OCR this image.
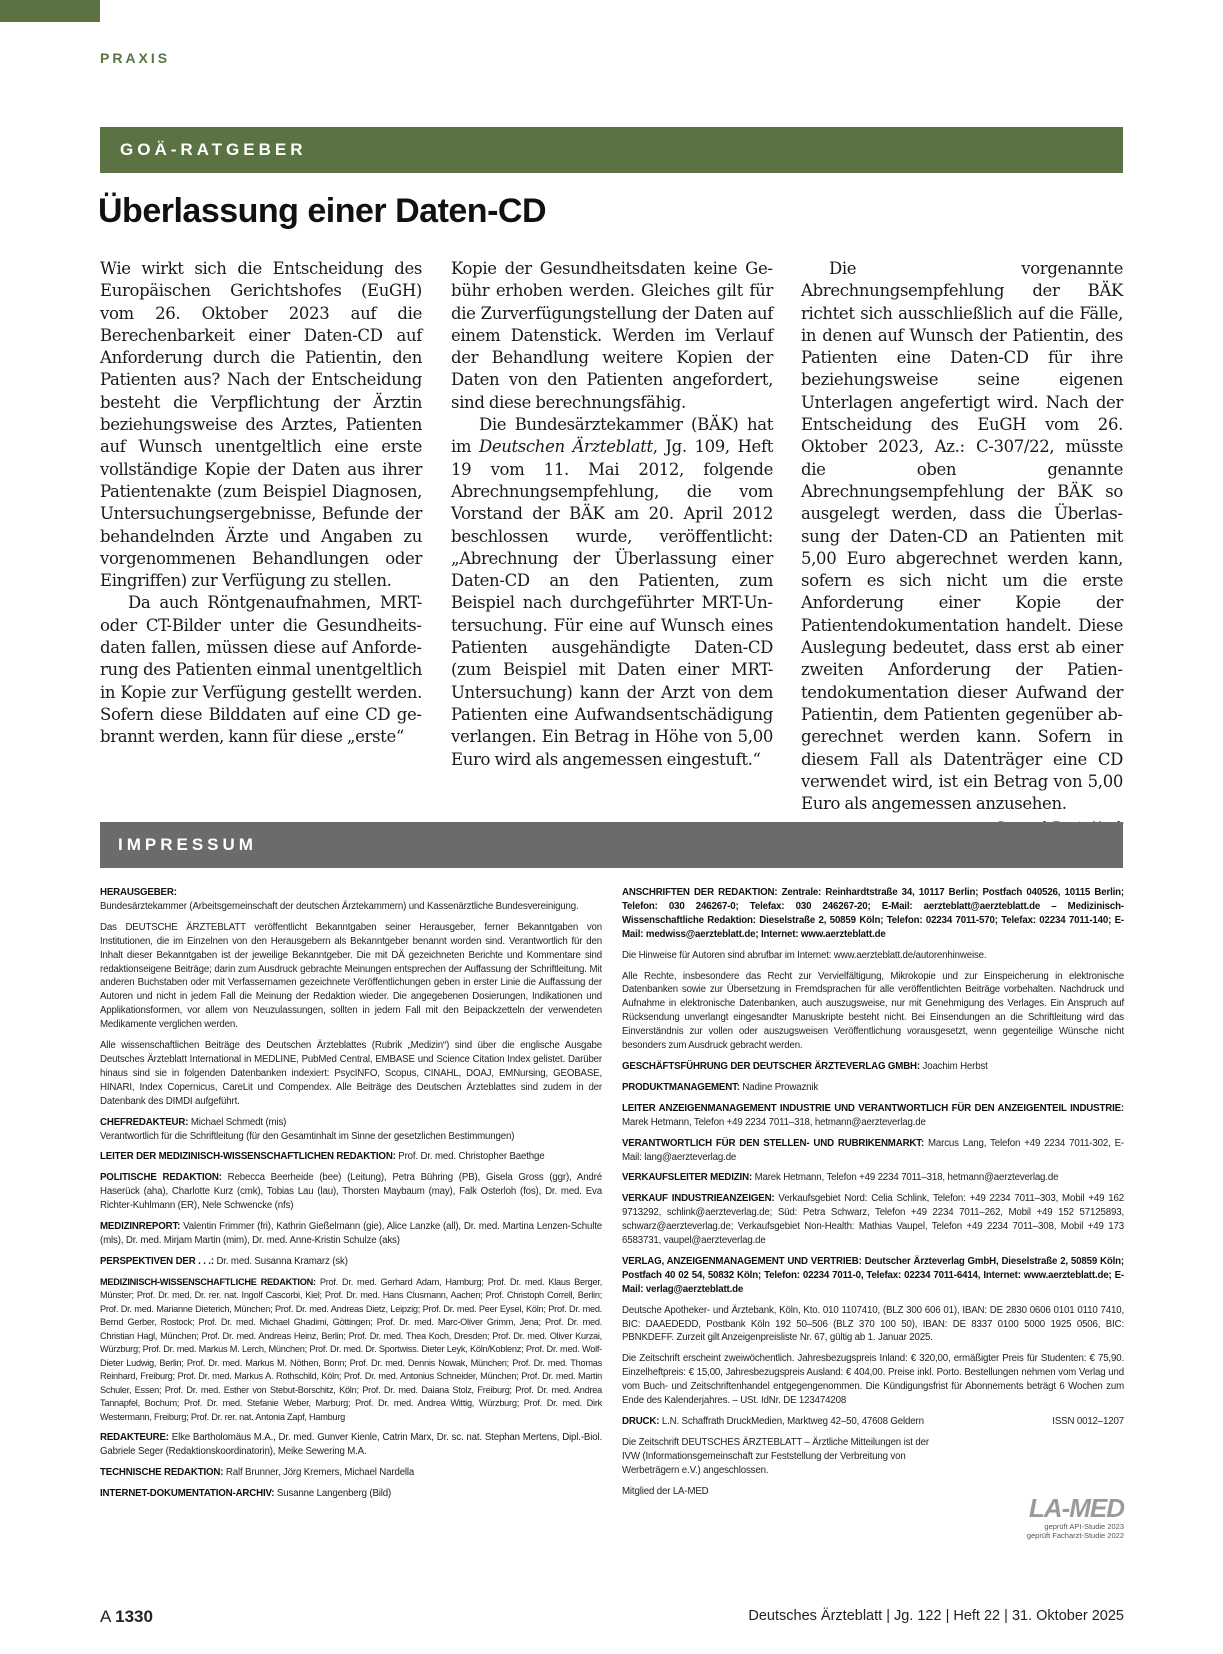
PRAXIS
GOÄ-RATGEBER
Überlassung einer Daten-CD

Wie wirkt sich die Entscheidung des Europäischen Gerichtshofes (EuGH) vom 26. Oktober 2023 auf die Berechenbarkeit einer Daten-CD auf Anforderung durch die Patientin, den Patienten aus? Nach der Entscheidung besteht die Verpflichtung der Ärztin beziehungsweise des Arztes, Patienten auf Wunsch unentgeltlich eine erste vollständige Kopie der Daten aus ihrer Patientenakte (zum Beispiel Diagnosen, Untersuchungsergebnisse, Befunde der behandelnden Ärzte und Angaben zu vorgenommenen Behandlungen oder Eingriffen) zur Verfügung zu stellen.

Da auch Röntgenaufnahmen, MRT- oder CT-Bilder unter die Gesundheitsdaten fallen, müssen diese auf Anforderung des Patienten einmal unentgeltlich in Kopie zur Verfügung gestellt werden. Sofern diese Bilddaten auf eine CD gebrannt werden, kann für diese „erste“

Kopie der Gesundheitsdaten keine Gebühr erhoben werden. Gleiches gilt für die Zurverfügungstellung der Daten auf einem Datenstick. Werden im Verlauf der Behandlung weitere Kopien der Daten von den Patienten angefordert, sind diese berechnungsfähig.

Die Bundesärztekammer (BÄK) hat im Deutschen Ärzteblatt, Jg. 109, Heft 19 vom 11. Mai 2012, folgende Abrechnungsempfehlung, die vom Vorstand der BÄK am 20. April 2012 beschlossen wurde, veröffentlicht: „Abrechnung der Überlassung einer Daten-CD an den Patienten, zum Beispiel nach durchgeführter MRT-Untersuchung. Für eine auf Wunsch eines Patienten ausgehändigte Daten-CD (zum Beispiel mit Daten einer MRT-Untersuchung) kann der Arzt von dem Patienten eine Aufwandsentschädigung verlangen. Ein Betrag in Höhe von 5,00 Euro wird als angemessen eingestuft.“

Die vorgenannte Abrechnungsempfehlung der BÄK richtet sich ausschließlich auf die Fälle, in denen auf Wunsch der Patientin, des Patienten eine Daten-CD für ihre beziehungsweise seine eigenen Unterlagen angefertigt wird. Nach der Entscheidung des EuGH vom 26. Oktober 2023, Az.: C-307/22, müsste die oben genannte Abrechnungsempfehlung der BÄK so ausgelegt werden, dass die Überlassung der Daten-CD an Patienten mit 5,00 Euro abgerechnet werden kann, sofern es sich nicht um die erste Anforderung einer Kopie der Patientendokumentation handelt. Diese Auslegung bedeutet, dass erst ab einer zweiten Anforderung der Patientendokumentation dieser Aufwand der Patientin, dem Patienten gegenüber abgerechnet werden kann. Sofern in diesem Fall als Datenträger eine CD verwendet wird, ist ein Betrag von 5,00 Euro als angemessen anzusehen.

IMPRESSUM

HERAUSGEBER:
Bundesärztekammer (Arbeitsgemeinschaft der deutschen Ärztekammern) und Kassenärztliche Bundesvereinigung.

Das DEUTSCHE ÄRZTEBLATT veröffentlicht Bekanntgaben seiner Herausgeber, ferner Bekanntgaben von Institutionen, die im Einzelnen von den Herausgebern als Bekanntgeber benannt worden sind. Verantwortlich für den Inhalt dieser Bekanntgaben ist der jeweilige Bekanntgeber. Die mit DÄ gezeichneten Berichte und Kommentare sind redaktionseigene Beiträge; darin zum Ausdruck gebrachte Meinungen entsprechen der Auffassung der Schriftleitung. Mit anderen Buchstaben oder mit Verfassernamen gezeichnete Veröffentlichungen geben in erster Linie die Auffassung der Autoren und nicht in jedem Fall die Meinung der Redaktion wieder. Die angegebenen Dosierungen, Indikationen und Applikationsformen, vor allem von Neuzulassungen, sollten in jedem Fall mit den Beipackzetteln der verwendeten Medikamente verglichen werden.

Alle wissenschaftlichen Beiträge des Deutschen Ärzteblattes (Rubrik „Medizin“) sind über die englische Ausgabe Deutsches Ärzteblatt International in MEDLINE, PubMed Central, EMBASE und Science Citation Index gelistet. Darüber hinaus sind sie in folgenden Datenbanken indexiert: PsycINFO, Scopus, CINAHL, DOAJ, EMNursing, GEOBASE, HINARI, Index Copernicus, CareLit und Compendex. Alle Beiträge des Deutschen Ärzteblattes sind zudem in der Datenbank des DIMDI aufgeführt.

CHEFREDAKTEUR: Michael Schmedt (mis)
Verantwortlich für die Schriftleitung (für den Gesamtinhalt im Sinne der gesetzlichen Bestimmungen)

LEITER DER MEDIZINISCH-WISSENSCHAFTLICHEN REDAKTION: Prof. Dr. med. Christopher Baethge

POLITISCHE REDAKTION: Rebecca Beerheide (bee) (Leitung), Petra Bühring (PB), Gisela Gross (ggr), André Haserück (aha), Charlotte Kurz (cmk), Tobias Lau (lau), Thorsten Maybaum (may), Falk Osterloh (fos), Dr. med. Eva Richter-Kuhlmann (ER), Nele Schwencke (nfs)

MEDIZINREPORT: Valentin Frimmer (fri), Kathrin Gießelmann (gie), Alice Lanzke (all), Dr. med. Martina Lenzen-Schulte (mls), Dr. med. Mirjam Martin (mim), Dr. med. Anne-Kristin Schulze (aks)

PERSPEKTIVEN DER . . .: Dr. med. Susanna Kramarz (sk)

MEDIZINISCH-WISSENSCHAFTLICHE REDAKTION: Prof. Dr. med. Gerhard Adam, Hamburg; Prof. Dr. med. Klaus Berger, Münster; Prof. Dr. med. Dr. rer. nat. Ingolf Cascorbi, Kiel; Prof. Dr. med. Hans Clusmann, Aachen; Prof. Christoph Correll, Berlin; Prof. Dr. med. Marianne Dieterich, München; Prof. Dr. med. Andreas Dietz, Leipzig; Prof. Dr. med. Peer Eysel, Köln; Prof. Dr. med. Bernd Gerber, Rostock; Prof. Dr. med. Michael Ghadimi, Göttingen; Prof. Dr. med. Marc-Oliver Grimm, Jena; Prof. Dr. med. Christian Hagl, München; Prof. Dr. med. Andreas Heinz, Berlin; Prof. Dr. med. Thea Koch, Dresden; Prof. Dr. med. Oliver Kurzai, Würzburg; Prof. Dr. med. Markus M. Lerch, München; Prof. Dr. med. Dr. Sportwiss. Dieter Leyk, Köln/Koblenz; Prof. Dr. med. Wolf-Dieter Ludwig, Berlin; Prof. Dr. med. Markus M. Nöthen, Bonn; Prof. Dr. med. Dennis Nowak, München; Prof. Dr. med. Thomas Reinhard, Freiburg; Prof. Dr. med. Markus A. Rothschild, Köln; Prof. Dr. med. Antonius Schneider, München; Prof. Dr. med. Martin Schuler, Essen; Prof. Dr. med. Esther von Stebut-Borschitz, Köln; Prof. Dr. med. Daiana Stolz, Freiburg; Prof. Dr. med. Andrea Tannapfel, Bochum; Prof. Dr. med. Stefanie Weber, Marburg; Prof. Dr. med. Andrea Wittig, Würzburg; Prof. Dr. med. Dirk Westermann, Freiburg; Prof. Dr. rer. nat. Antonia Zapf, Hamburg

REDAKTEURE: Elke Bartholomäus M.A., Dr. med. Gunver Kienle, Catrin Marx, Dr. sc. nat. Stephan Mertens, Dipl.-Biol. Gabriele Seger (Redaktionskoordinatorin), Meike Sewering M.A.

TECHNISCHE REDAKTION: Ralf Brunner, Jörg Kremers, Michael Nardella

INTERNET-DOKUMENTATION-ARCHIV: Susanne Langenberg (Bild)

ANSCHRIFTEN DER REDAKTION: Zentrale: Reinhardtstraße 34, 10117 Berlin; Postfach 040526, 10115 Berlin; Telefon: 030 246267-0; Telefax: 030 246267-20; E-Mail: aerzteblatt@aerzteblatt.de – Medizinisch-Wissenschaftliche Redaktion: Dieselstraße 2, 50859 Köln; Telefon: 02234 7011-570; Telefax: 02234 7011-140; E-Mail: medwiss@aerzteblatt.de; Internet: www.aerzteblatt.de

Die Hinweise für Autoren sind abrufbar im Internet: www.aerzteblatt.de/autorenhinweise.

Alle Rechte, insbesondere das Recht zur Vervielfältigung, Mikrokopie und zur Einspeicherung in elektronische Datenbanken sowie zur Übersetzung in Fremdsprachen für alle veröffentlichten Beiträge vorbehalten. Nachdruck und Aufnahme in elektronische Datenbanken, auch auszugsweise, nur mit Genehmigung des Verlages. Ein Anspruch auf Rücksendung unverlangt eingesandter Manuskripte besteht nicht. Bei Einsendungen an die Schriftleitung wird das Einverständnis zur vollen oder auszugsweisen Veröffentlichung vorausgesetzt, wenn gegenteilige Wünsche nicht besonders zum Ausdruck gebracht werden.

GESCHÄFTSFÜHRUNG DER DEUTSCHER ÄRZTEVERLAG GMBH: Joachim Herbst

PRODUKTMANAGEMENT: Nadine Prowaznik

LEITER ANZEIGENMANAGEMENT INDUSTRIE UND VERANTWORTLICH FÜR DEN ANZEIGENTEIL INDUSTRIE: Marek Hetmann, Telefon +49 2234 7011–318, hetmann@aerzteverlag.de

VERANTWORTLICH FÜR DEN STELLEN- UND RUBRIKENMARKT: Marcus Lang, Telefon +49 2234 7011-302, E-Mail: lang@aerzteverlag.de

VERKAUFSLEITER MEDIZIN: Marek Hetmann, Telefon +49 2234 7011–318, hetmann@aerzteverlag.de

VERKAUF INDUSTRIEANZEIGEN: Verkaufsgebiet Nord: Celia Schlink, Telefon: +49 2234 7011–303, Mobil +49 162 9713292, schlink@aerzteverlag.de; Süd: Petra Schwarz, Telefon +49 2234 7011–262, Mobil +49 152 57125893, schwarz@aerzteverlag.de; Verkaufsgebiet Non-Health: Mathias Vaupel, Telefon +49 2234 7011–308, Mobil +49 173 6583731, vaupel@aerzteverlag.de

VERLAG, ANZEIGENMANAGEMENT UND VERTRIEB: Deutscher Ärzteverlag GmbH, Dieselstraße 2, 50859 Köln; Postfach 40 02 54, 50832 Köln; Telefon: 02234 7011-0, Telefax: 02234 7011-6414, Internet: www.aerzteblatt.de; E-Mail: verlag@aerzteblatt.de

Deutsche Apotheker- und Ärztebank, Köln, Kto. 010 1107410, (BLZ 300 606 01), IBAN: DE 2830 0606 0101 0110 7410, BIC: DAAEDEDD, Postbank Köln 192 50–506 (BLZ 370 100 50), IBAN: DE 8337 0100 5000 1925 0506, BIC: PBNKDEFF. Zurzeit gilt Anzeigenpreisliste Nr. 67, gültig ab 1. Januar 2025.

Die Zeitschrift erscheint zweiwöchentlich. Jahresbezugspreis Inland: € 320,00, ermäßigter Preis für Studenten: € 75,90. Einzelheftpreis: € 15,00, Jahresbezugspreis Ausland: € 404,00. Preise inkl. Porto. Bestellungen nehmen vom Verlag und vom Buch- und Zeitschriftenhandel entgegengenommen. Die Kündigungsfrist für Abonnements beträgt 6 Wochen zum Ende des Kalenderjahres. – USt. IdNr. DE 123474208

ISSN 0012–1207
DRUCK: L.N. Schaffrath DruckMedien, Marktweg 42–50, 47608 Geldern

Die Zeitschrift DEUTSCHES ÄRZTEBLATT – Ärztliche Mitteilungen ist der IVW (Informationsgemeinschaft zur Feststellung der Verbreitung von Werbeträgern e.V.) angeschlossen.

Mitglied der LA-MED

LA-MED
geprüft API-Studie 2023
geprüft Facharzt-Studie 2022
A 1330	Deutsches Ärzteblatt | Jg. 122 | Heft 22 | 31. Oktober 2025
